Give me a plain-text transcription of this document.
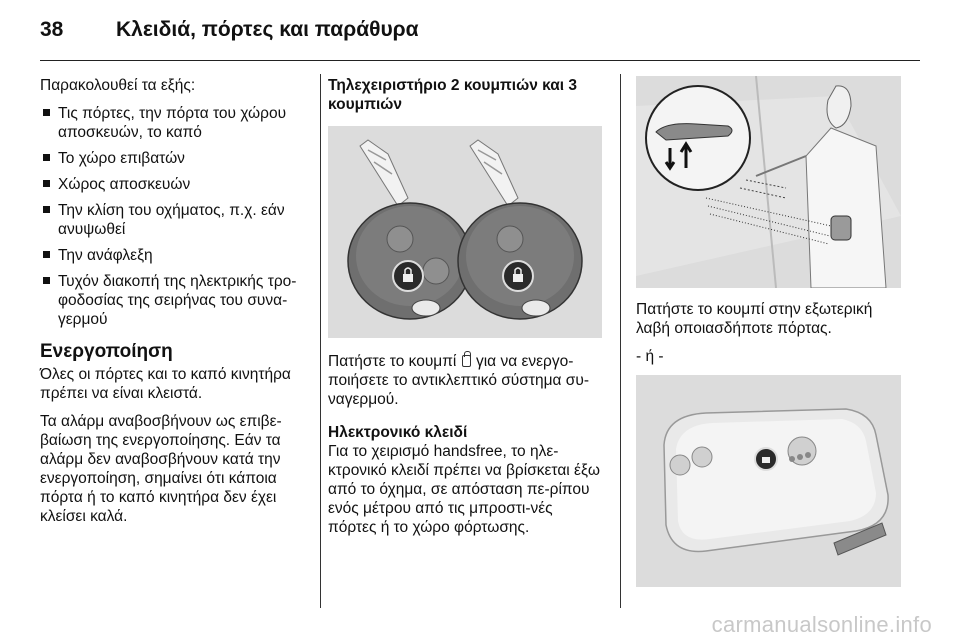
38	Κλειδιά, πόρτες και παράθυρα

Παρακολουθεί τα εξής:

Τις πόρτες, την πόρτα του χώρου αποσκευών, το καπό
Το χώρο επιβατών
Χώρος αποσκευών
Την κλίση του οχήματος, π.χ. εάν ανυψωθεί
Την ανάφλεξη
Τυχόν διακοπή της ηλεκτρικής τρο-φοδοσίας της σειρήνας του συνα-γερμού
Ενεργοποίηση

Όλες οι πόρτες και το καπό κινητήρα πρέπει να είναι κλειστά.

Τα αλάρμ αναβοσβήνουν ως επιβε-βαίωση της ενεργοποίησης. Εάν τα αλάρμ δεν αναβοσβήνουν κατά την ενεργοποίηση, σημαίνει ότι κάποια πόρτα ή το καπό κινητήρα δεν έχει κλείσει καλά.

Τηλεχειριστήριο 2 κουμπιών και 3 κουμπιών

Πατήστε το κουμπί για να ενεργο-ποιήσετε το αντικλεπτικό σύστημα συ-ναγερμού.

Ηλεκτρονικό κλειδί

Για το χειρισμό handsfree, το ηλε-κτρονικό κλειδί πρέπει να βρίσκεται έξω από το όχημα, σε απόσταση πε-ρίπου ενός μέτρου από τις μπροστι-νές πόρτες ή το χώρο φόρτωσης.

Πατήστε το κουμπί στην εξωτερική λαβή οποιασδήποτε πόρτας.

- ή -

carmanualsonline.info
